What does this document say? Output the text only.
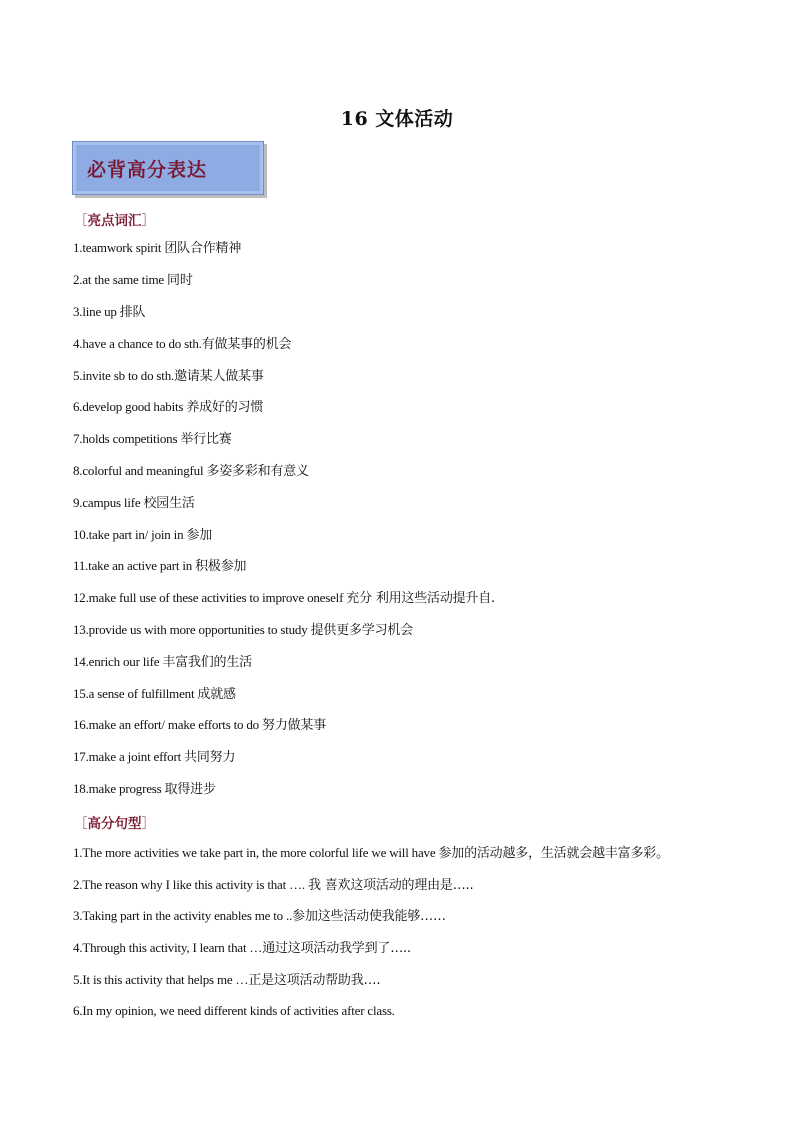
16 文体活动
必背高分表达
［亮点词汇］
1.teamwork spirit 团队合作精神
2.at the same time 同时
3.line up 排队
4.have a chance to do sth.有做某事的机会
5.invite sb to do sth.邀请某人做某事
6.develop good habits 养成好的习惯
7.holds competitions 举行比赛
8.colorful and meaningful 多姿多彩和有意义
9.campus life 校园生活
10.take part in/ join in 参加
11.take an active part in 积极参加
12.make full use of these activities to improve oneself 充分 利用这些活动提升自.
13.provide us with more opportunities to study 提供更多学习机会
14.enrich our life 丰富我们的生活
15.a sense of fulfillment 成就感
16.make an effort/ make efforts to do 努力做某事
17.make a joint effort 共同努力
18.make progress 取得进步
［高分句型］
1.The more activities we take part in, the more colorful life we will have 参加的活动越多，生活就会越丰富多彩。
2.The reason why I like this activity is that …. 我 喜欢这项活动的理由是…..
3.Taking part in the activity enables me to ..参加这些活动使我能够……
4.Through this activity, I learn that …通过这项活动我学到了…..
5.It is this activity that helps me …正是这项活动帮助我….
6.In my opinion, we need different kinds of activities after class.
